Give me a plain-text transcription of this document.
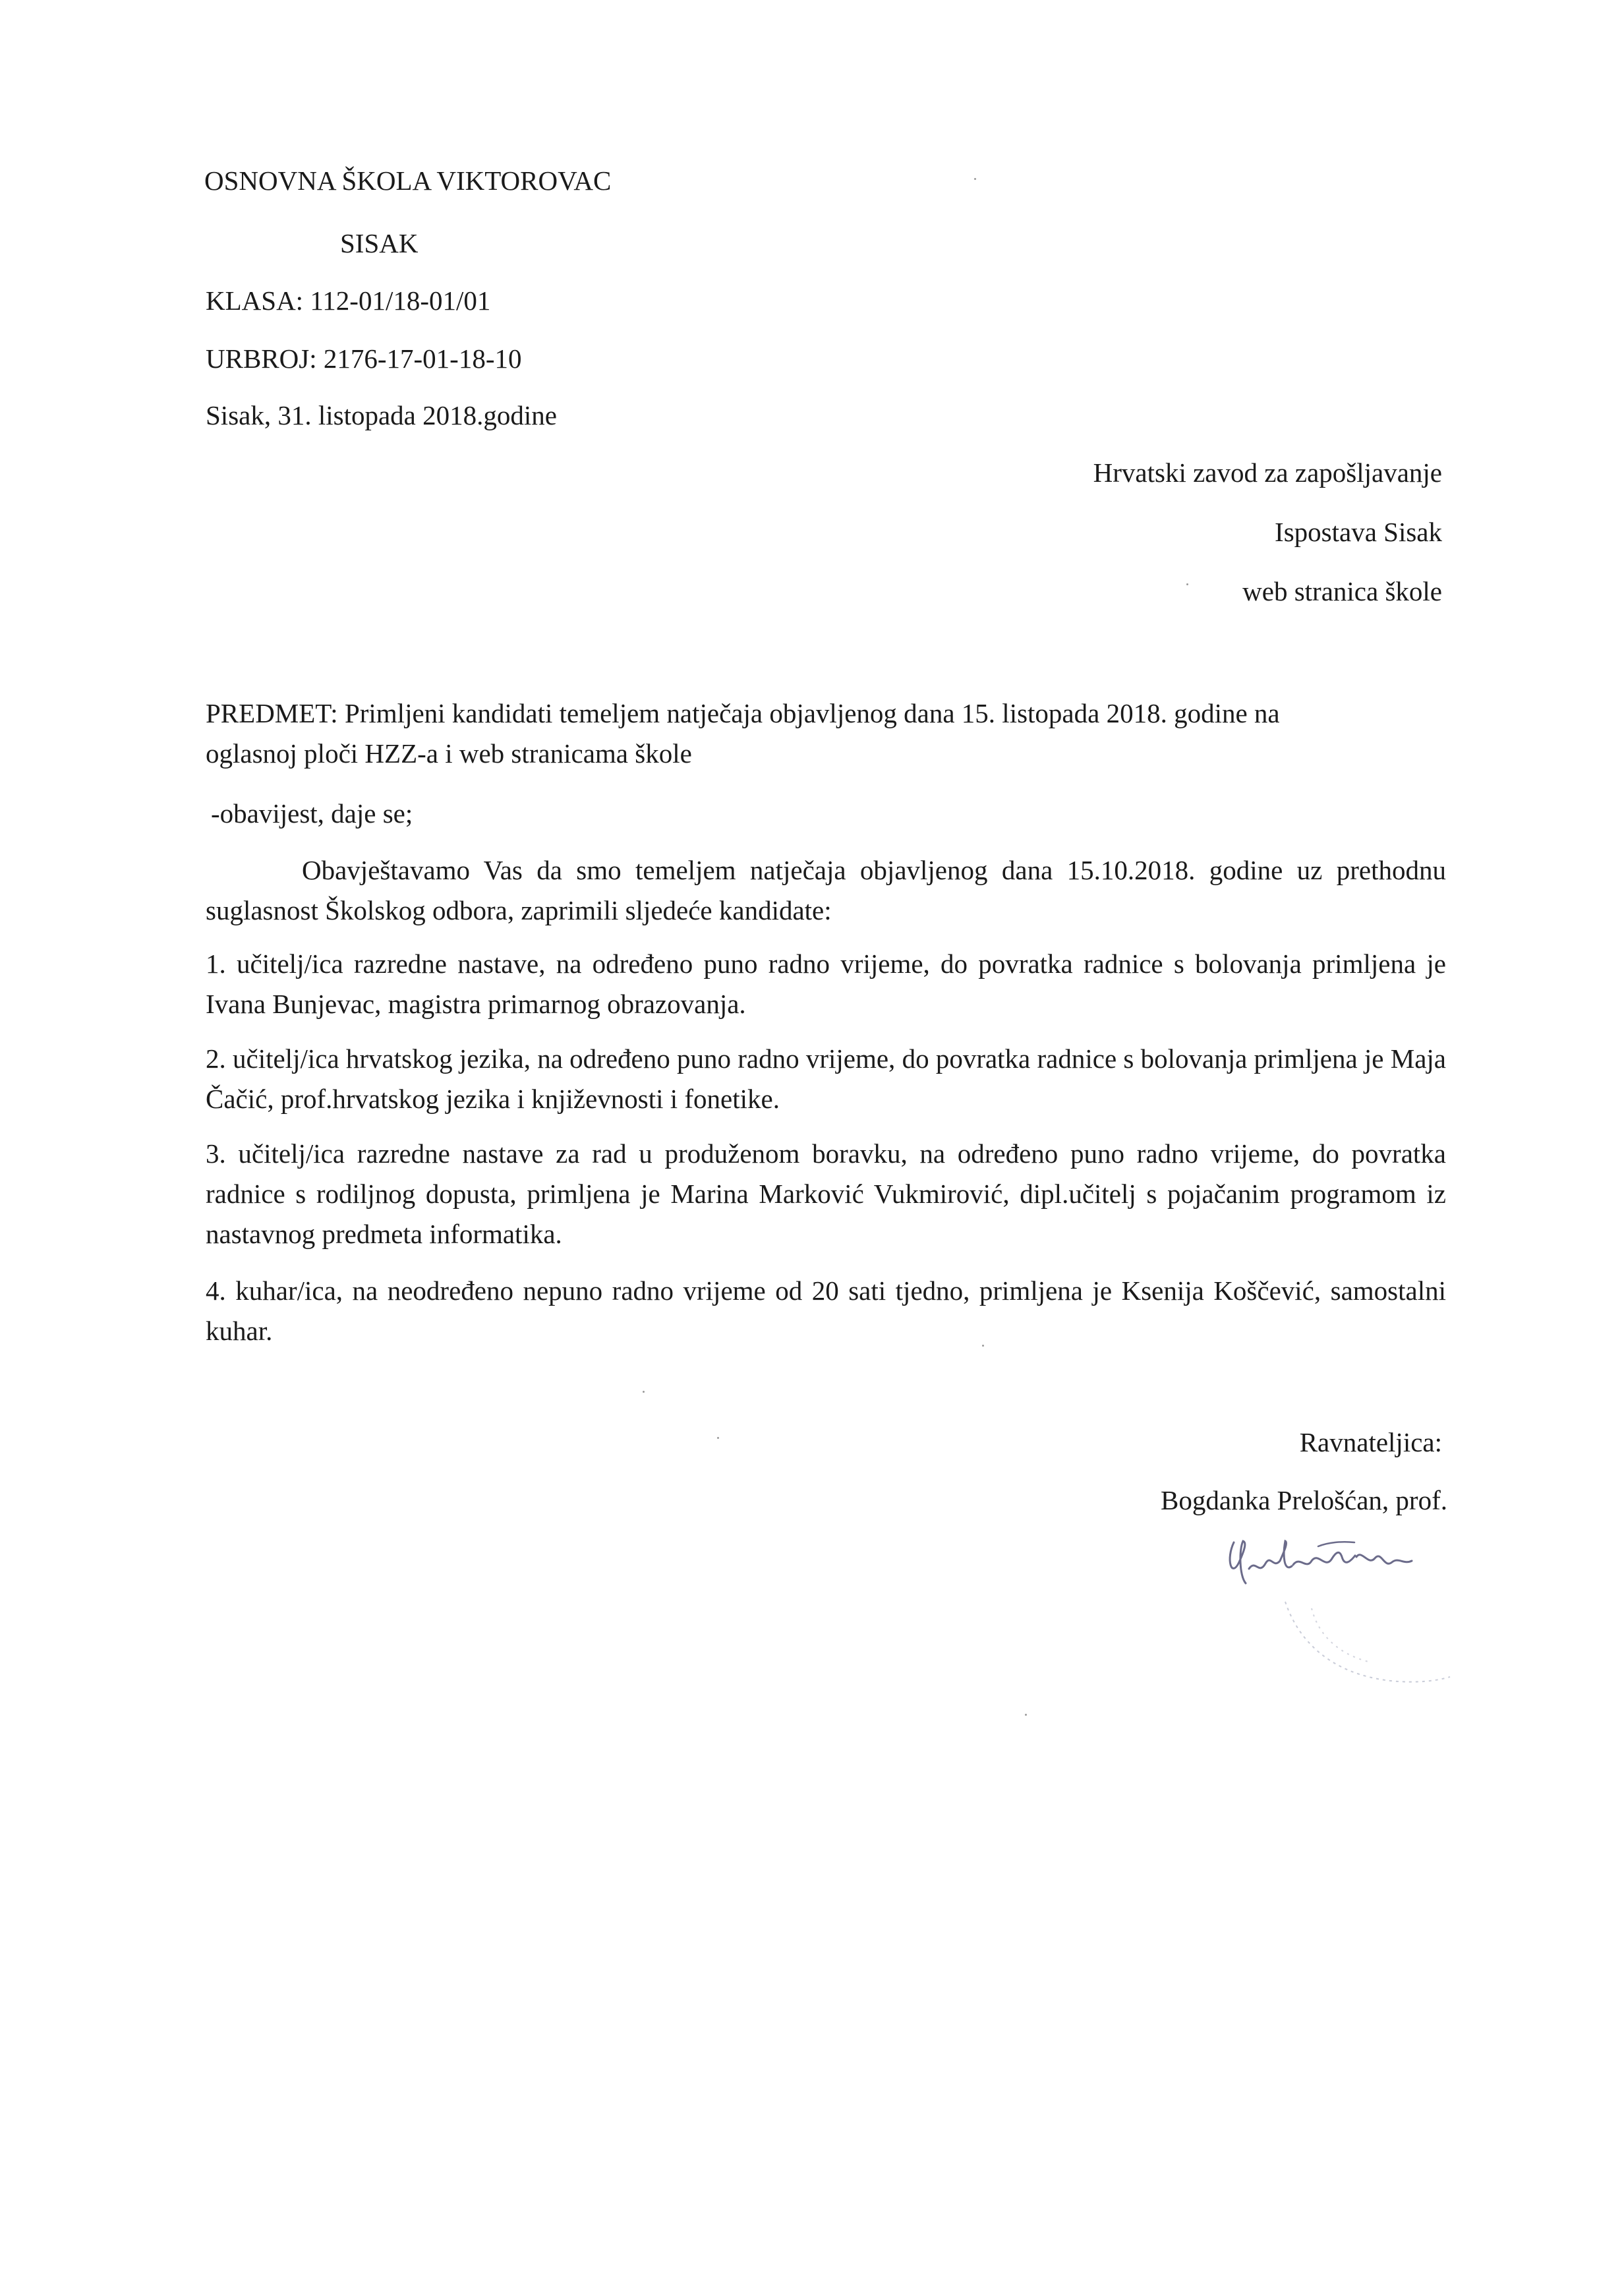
OSNOVNA ŠKOLA VIKTOROVAC
SISAK
KLASA: 112-01/18-01/01
URBROJ: 2176-17-01-18-10
Sisak, 31. listopada 2018.godine
Hrvatski zavod za zapošljavanje
Ispostava Sisak
web stranica škole
PREDMET: Primljeni kandidati temeljem natječaja objavljenog dana 15. listopada 2018. godine na
oglasnoj ploči HZZ-a i web stranicama škole
-obavijest, daje se;
Obavještavamo Vas da smo temeljem natječaja objavljenog dana 15.10.2018. godine uz prethodnu suglasnost Školskog odbora, zaprimili sljedeće kandidate:
1. učitelj/ica razredne nastave, na određeno puno radno vrijeme, do povratka radnice s bolovanja primljena je Ivana Bunjevac, magistra primarnog obrazovanja.
2. učitelj/ica hrvatskog jezika, na određeno puno radno vrijeme, do povratka radnice s bolovanja primljena je Maja Čačić, prof.hrvatskog jezika i književnosti i fonetike.
3. učitelj/ica razredne nastave za rad u produženom boravku, na određeno puno radno vrijeme, do povratka radnice s rodiljnog dopusta, primljena je Marina Marković Vukmirović, dipl.učitelj s pojačanim programom iz nastavnog predmeta informatika.
4. kuhar/ica, na neodređeno nepuno radno vrijeme od 20 sati tjedno, primljena je Ksenija Koščević, samostalni kuhar.
Ravnateljica:
Bogdanka Prelošćan, prof.
